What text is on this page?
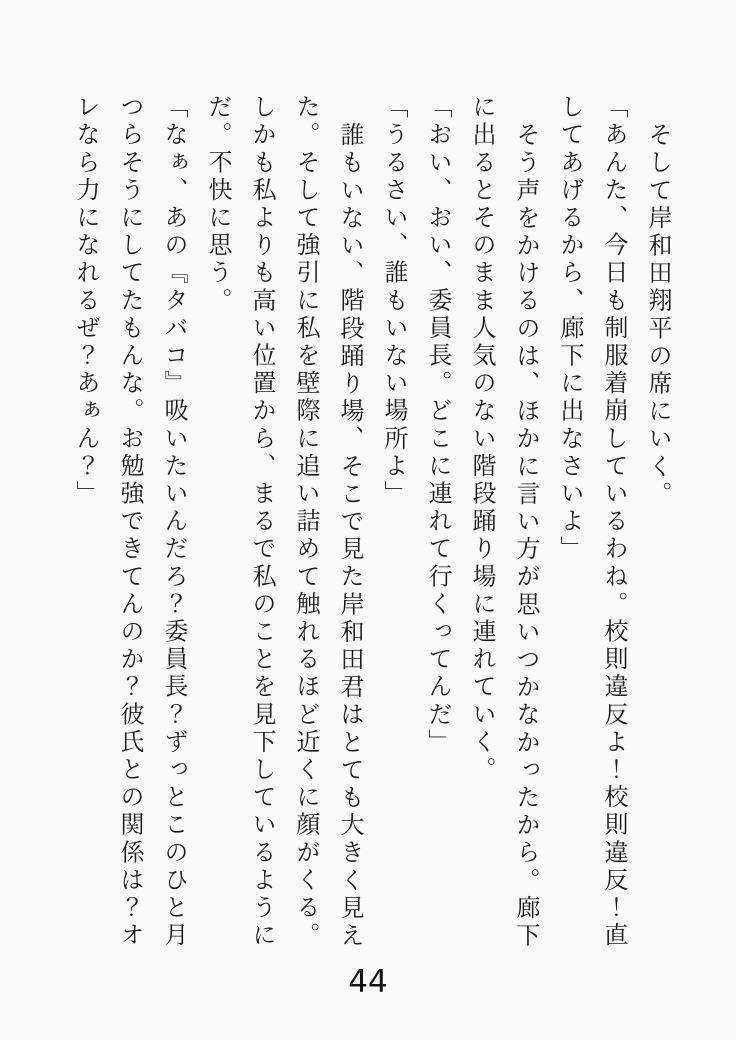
そして岸和田翔平の席にいく。
「あんた、今日も制服着崩しているわね。校則違反よ！校則違反！直
してあげるから、廊下に出なさいよ」
そう声をかけるのは、ほかに言い方が思いつかなかったから。廊下
に出るとそのまま人気のない階段踊り場に連れていく。
「おい、おい、委員長。どこに連れて行くってんだ」
「うるさい、誰もいない場所よ」
誰もいない、階段踊り場、そこで見た岸和田君はとても大きく見え
た。そして強引に私を壁際に追い詰めて触れるほど近くに顔がくる。
しかも私よりも高い位置から、まるで私のことを見下しているように
だ。不快に思う。
「なぁ、あの『タバコ』吸いたいんだろ？委員長？ずっとこのひと月
つらそうにしてたもんな。お勉強できてんのか？彼氏との関係は？オ
レなら力になれるぜ？あぁん？」
44
